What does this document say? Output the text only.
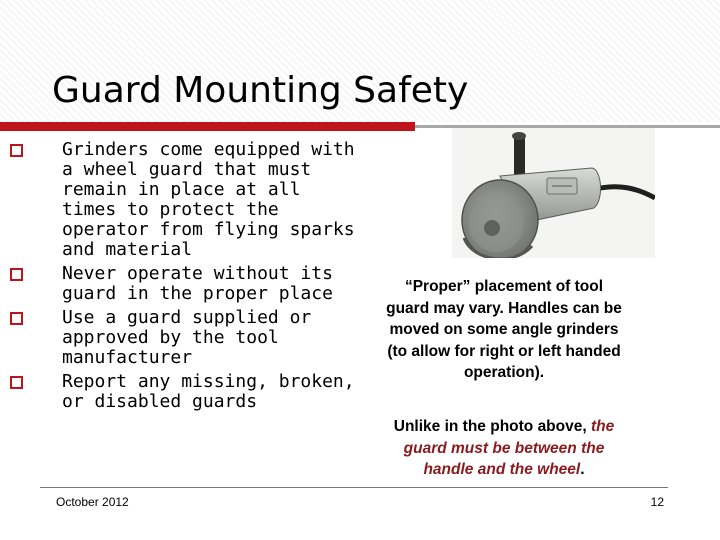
Guard Mounting Safety
Grinders come equipped with a wheel guard that must remain in place at all times to protect the operator from flying sparks and material
Never operate without its guard in the proper place
Use a guard supplied or approved by the tool manufacturer
Report any missing, broken, or disabled guards
“Proper” placement of tool guard may vary. Handles can be moved on some angle grinders (to allow for right or left handed operation).
Unlike in the photo above, the guard must be between the handle and the wheel.
October 2012	12
